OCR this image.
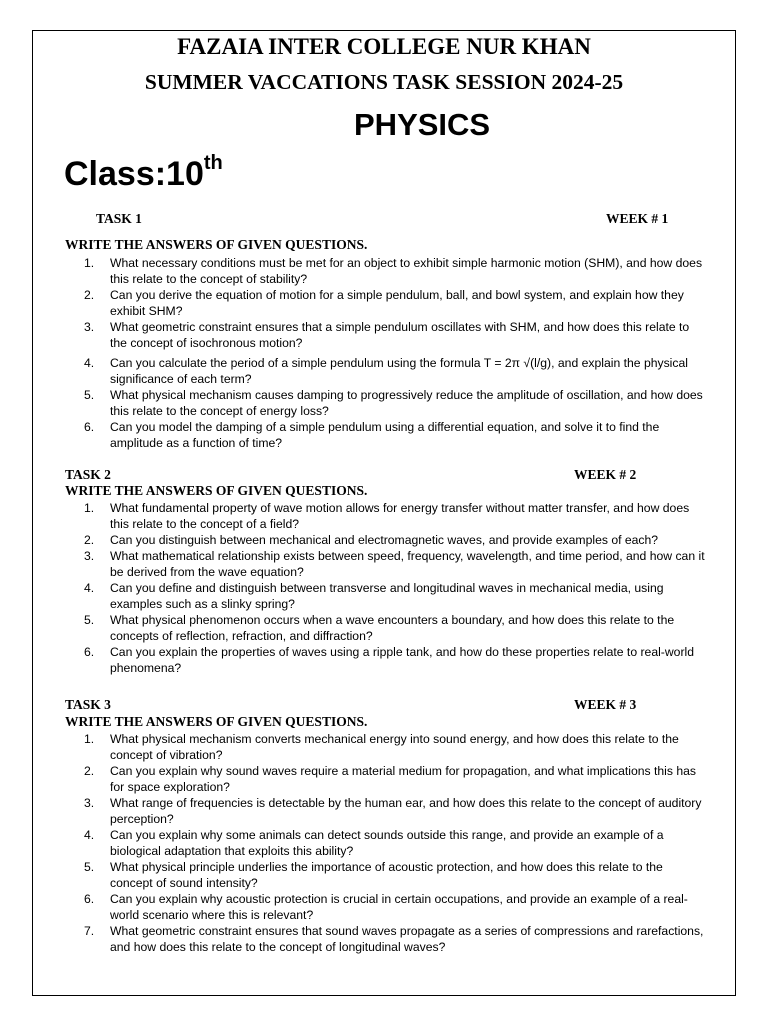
FAZAIA INTER COLLEGE NUR KHAN
SUMMER VACCATIONS TASK SESSION 2024-25
PHYSICS
Class:10th
TASK 1	WEEK # 1
WRITE THE ANSWERS OF GIVEN QUESTIONS.
1.	What necessary conditions must be met for an object to exhibit simple harmonic motion (SHM), and how does this relate to the concept of stability?
2.	Can you derive the equation of motion for a simple pendulum, ball, and bowl system, and explain how they exhibit SHM?
3.	What geometric constraint ensures that a simple pendulum oscillates with SHM, and how does this relate to the concept of isochronous motion?
4.	Can you calculate the period of a simple pendulum using the formula T = 2π √(l/g), and explain the physical significance of each term?
5.	What physical mechanism causes damping to progressively reduce the amplitude of oscillation, and how does this relate to the concept of energy loss?
6.	Can you model the damping of a simple pendulum using a differential equation, and solve it to find the amplitude as a function of time?
TASK 2	WEEK # 2
WRITE THE ANSWERS OF GIVEN QUESTIONS.
1.	What fundamental property of wave motion allows for energy transfer without matter transfer, and how does this relate to the concept of a field?
2.	Can you distinguish between mechanical and electromagnetic waves, and provide examples of each?
3.	What mathematical relationship exists between speed, frequency, wavelength, and time period, and how can it be derived from the wave equation?
4.	Can you define and distinguish between transverse and longitudinal waves in mechanical media, using examples such as a slinky spring?
5.	What physical phenomenon occurs when a wave encounters a boundary, and how does this relate to the concepts of reflection, refraction, and diffraction?
6.	Can you explain the properties of waves using a ripple tank, and how do these properties relate to real-world phenomena?
TASK 3	WEEK # 3
WRITE THE ANSWERS OF GIVEN QUESTIONS.
1.	What physical mechanism converts mechanical energy into sound energy, and how does this relate to the concept of vibration?
2.	Can you explain why sound waves require a material medium for propagation, and what implications this has for space exploration?
3.	What range of frequencies is detectable by the human ear, and how does this relate to the concept of auditory perception?
4.	Can you explain why some animals can detect sounds outside this range, and provide an example of a biological adaptation that exploits this ability?
5.	What physical principle underlies the importance of acoustic protection, and how does this relate to the concept of sound intensity?
6.	Can you explain why acoustic protection is crucial in certain occupations, and provide an example of a real-world scenario where this is relevant?
7.	What geometric constraint ensures that sound waves propagate as a series of compressions and rarefactions, and how does this relate to the concept of longitudinal waves?
